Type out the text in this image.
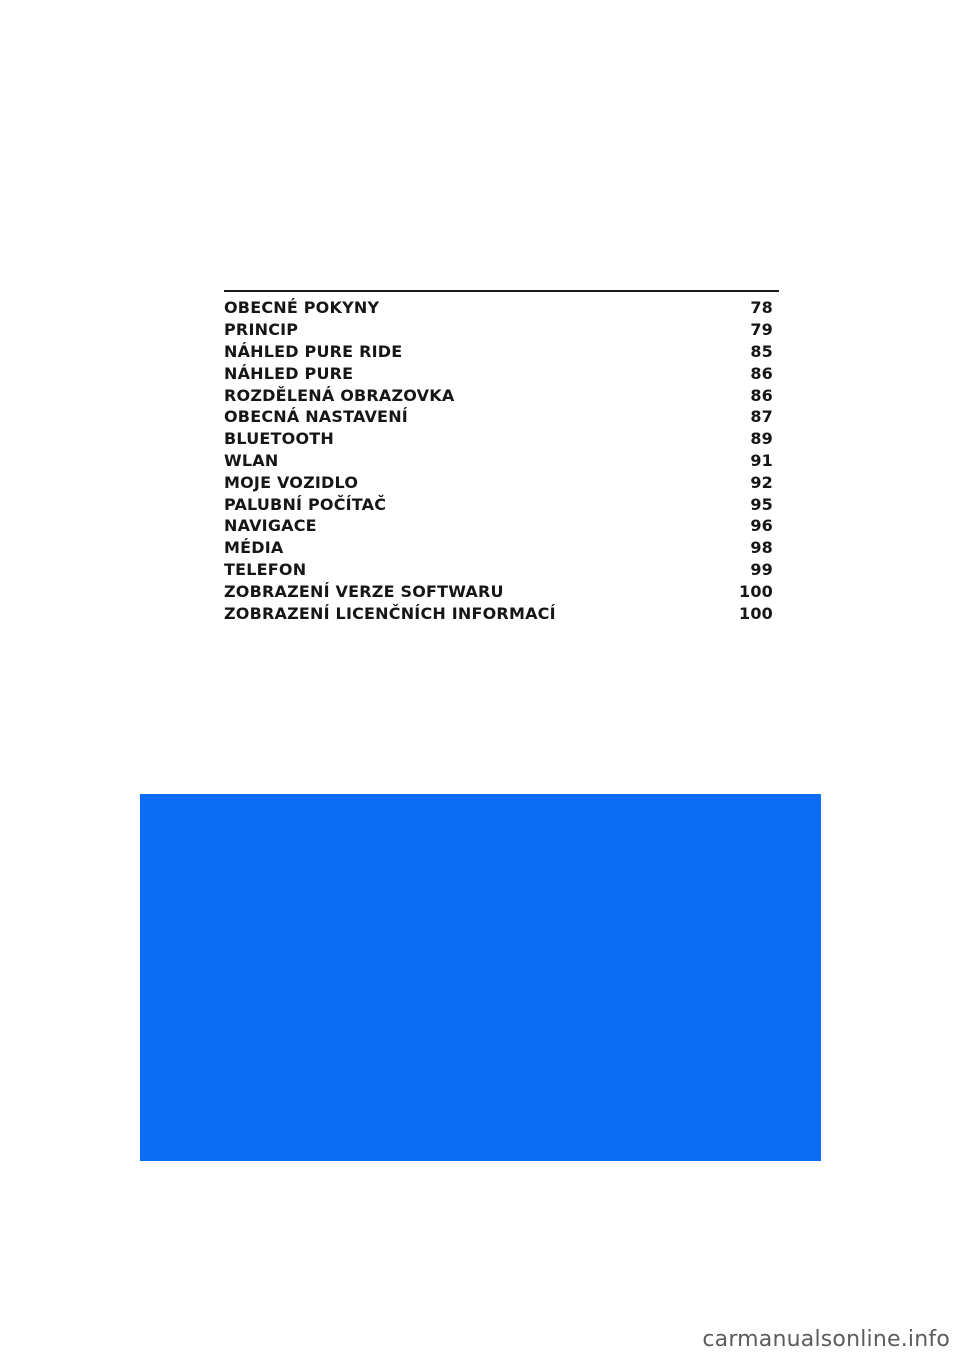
OBECNÉ POKYNY	78
PRINCIP	79
NÁHLED PURE RIDE	85
NÁHLED PURE	86
ROZDĚLENÁ OBRAZOVKA	86
OBECNÁ NASTAVENÍ	87
BLUETOOTH	89
WLAN	91
MOJE VOZIDLO	92
PALUBNÍ POČÍTAČ	95
NAVIGACE	96
MÉDIA	98
TELEFON	99
ZOBRAZENÍ VERZE SOFTWARU	100
ZOBRAZENÍ LICENČNÍCH INFORMACÍ	100
carmanualsonline.info
